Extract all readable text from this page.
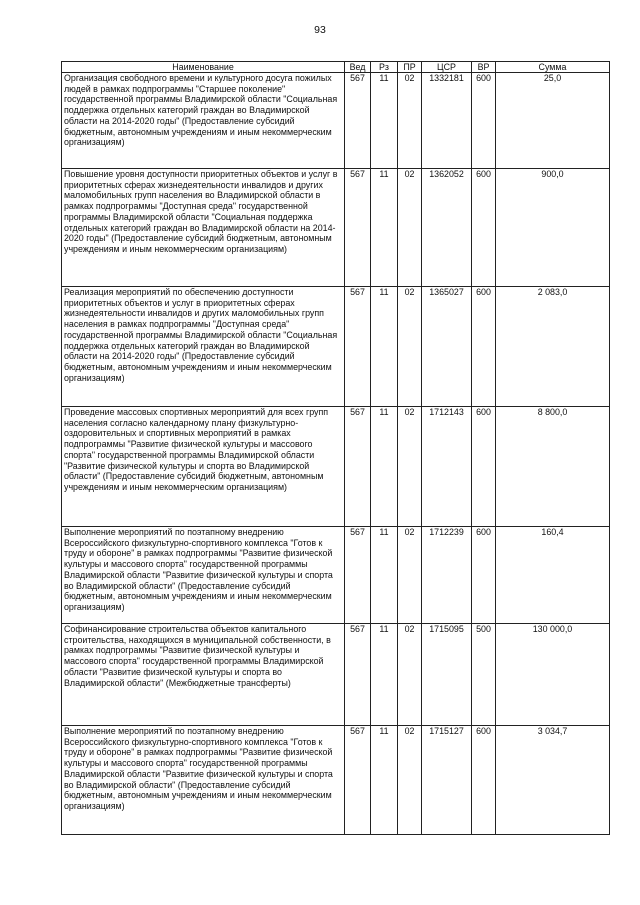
93
Наименование	Вед	Рз	ПР	ЦСР	ВР	Сумма
Организация свободного времени и культурного досуга пожилых людей в рамках подпрограммы "Старшее поколение" государственной программы Владимирской области "Социальная поддержка отдельных категорий граждан во Владимирской области на 2014-2020 годы" (Предоставление субсидий бюджетным, автономным учреждениям и иным некоммерческим организациям)	567	11	02	1332181	600	25,0
Повышение уровня доступности приоритетных объектов и услуг в приоритетных сферах жизнедеятельности инвалидов и других маломобильных групп населения во Владимирской области в рамках подпрограммы "Доступная среда" государственной программы Владимирской области "Социальная поддержка отдельных категорий граждан во Владимирской области на 2014-2020 годы" (Предоставление субсидий бюджетным, автономным учреждениям и иным некоммерческим организациям)	567	11	02	1362052	600	900,0
Реализация мероприятий по обеспечению доступности приоритетных объектов и услуг в приоритетных сферах жизнедеятельности инвалидов и других маломобильных групп населения в рамках подпрограммы "Доступная среда" государственной программы Владимирской области "Социальная поддержка отдельных категорий граждан во Владимирской области на 2014-2020 годы" (Предоставление субсидий бюджетным, автономным учреждениям и иным некоммерческим организациям)	567	11	02	1365027	600	2 083,0
Проведение массовых спортивных мероприятий для всех групп населения согласно календарному плану физкультурно-оздоровительных и спортивных мероприятий в рамках подпрограммы "Развитие физической культуры и массового спорта" государственной программы Владимирской области "Развитие физической культуры и спорта во Владимирской области" (Предоставление субсидий бюджетным, автономным учреждениям и иным некоммерческим организациям)	567	11	02	1712143	600	8 800,0
Выполнение мероприятий по поэтапному внедрению Всероссийского физкультурно-спортивного комплекса "Готов к труду и обороне" в рамках подпрограммы "Развитие физической культуры и массового спорта" государственной программы Владимирской области "Развитие физической культуры и спорта во Владимирской области" (Предоставление субсидий бюджетным, автономным учреждениям и иным некоммерческим организациям)	567	11	02	1712239	600	160,4
Софинансирование строительства объектов капитального строительства, находящихся в муниципальной собственности, в рамках подпрограммы "Развитие физической культуры и массового спорта" государственной программы Владимирской области "Развитие физической культуры и спорта во Владимирской области" (Межбюджетные трансферты)	567	11	02	1715095	500	130 000,0
Выполнение мероприятий по поэтапному внедрению Всероссийского физкультурно-спортивного комплекса "Готов к труду и обороне" в рамках подпрограммы "Развитие физической культуры и массового спорта" государственной программы Владимирской области "Развитие физической культуры и спорта во Владимирской области" (Предоставление субсидий бюджетным, автономным учреждениям и иным некоммерческим организациям)	567	11	02	1715127	600	3 034,7
